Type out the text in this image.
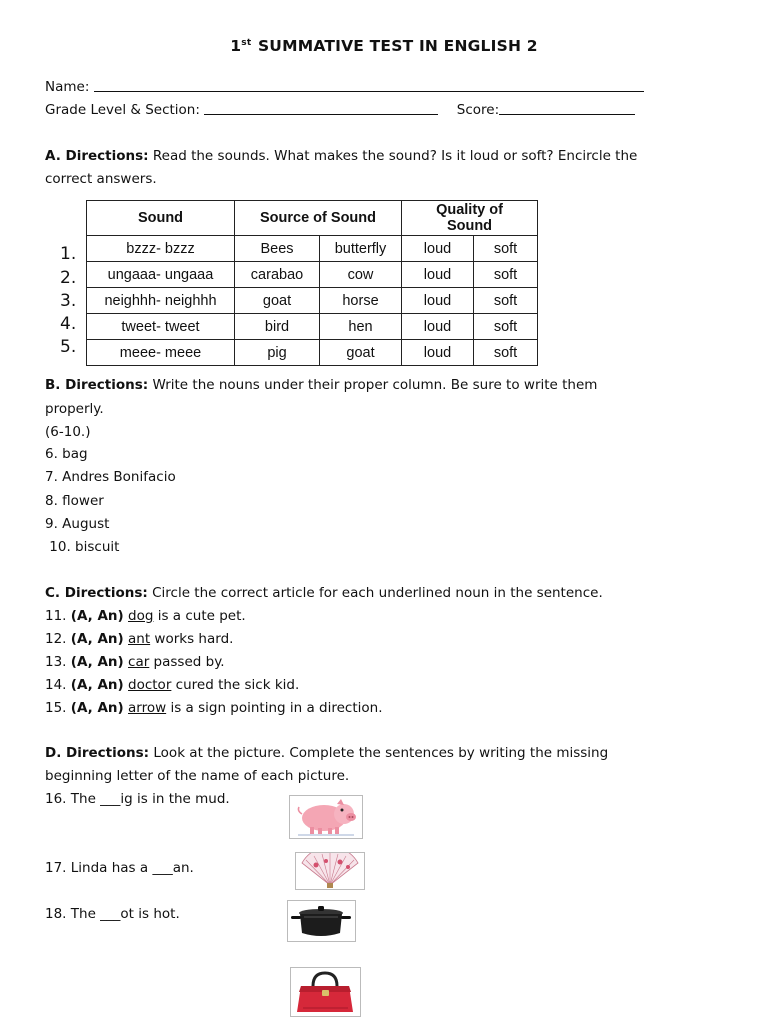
1st SUMMATIVE TEST IN ENGLISH 2
Name:
Grade Level & Section:	Score:
A. Directions: Read the sounds. What makes the sound? Is it loud or soft? Encircle the
correct answers.
1.
2.
3.
4.
5.
Sound	Source of Sound		Quality of
Sound	
bzzz- bzzz	Bees	butterfly	loud	soft
ungaaa- ungaaa	carabao	cow	loud	soft
neighhh- neighhh	goat	horse	loud	soft
tweet- tweet	bird	hen	loud	soft
meee- meee	pig	goat	loud	soft
B. Directions: Write the nouns under their proper column. Be sure to write them
properly.
(6-10.)
6. bag
7. Andres Bonifacio
8. flower
9. August
10. biscuit
C. Directions: Circle the correct article for each underlined noun in the sentence.
11. (A, An) dog is a cute pet.
12. (A, An) ant works hard.
13. (A, An) car passed by.
14. (A, An) doctor cured the sick kid.
15. (A, An) arrow is a sign pointing in a direction.
D. Directions: Look at the picture. Complete the sentences by writing the missing
beginning letter of the name of each picture.
16. The ___ig is in the mud.
17. Linda has a ___an.
18. The ___ot is hot.
